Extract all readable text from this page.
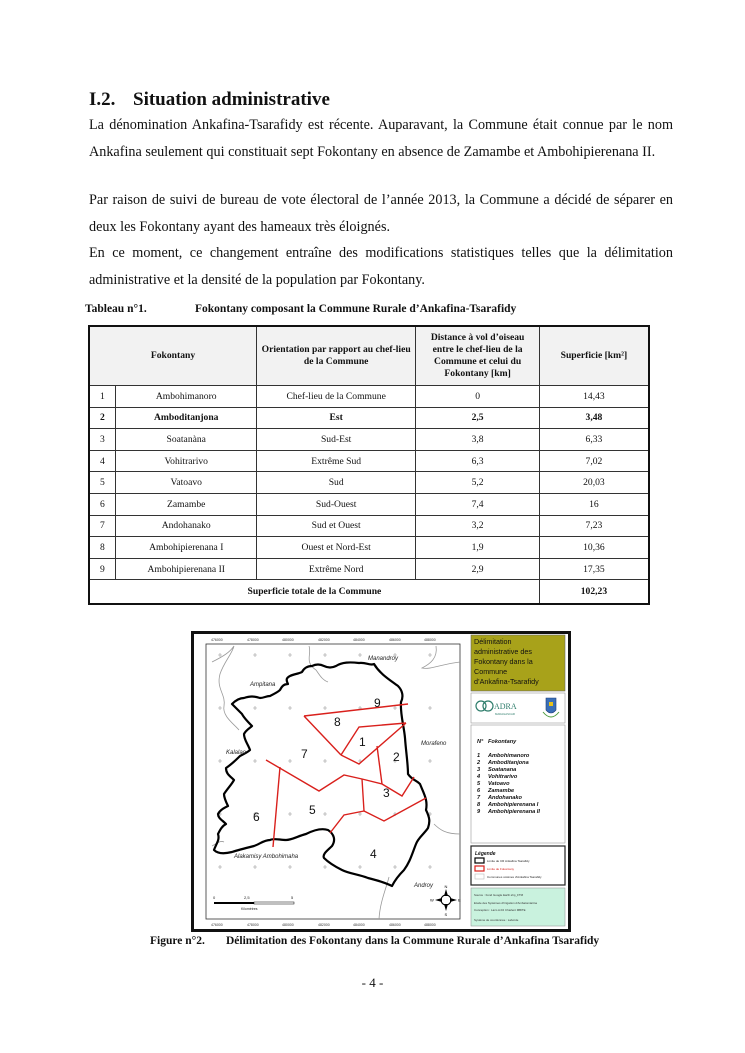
I.2. Situation administrative
La dénomination Ankafina-Tsarafidy est récente. Auparavant, la Commune était connue par le nom Ankafina seulement qui constituait sept Fokontany en absence de Zamambe et Ambohipierenana II.
Par raison de suivi de bureau de vote électoral de l’année 2013, la Commune a décidé de séparer en deux les Fokontany ayant des hameaux très éloignés.
En ce moment, ce changement entraîne des modifications statistiques telles que la délimitation administrative et la densité de la population par Fokontany.
Tableau n°1.	Fokontany composant la Commune Rurale d’Ankafina-Tsarafidy
Fokontany		Orientation par rapport au chef-lieu de la Commune	Distance à vol d’oiseau entre le chef-lieu de la Commune et celui du Fokontany [km]	Superficie [km²]
1	Ambohimanoro	Chef-lieu de la Commune	0	14,43
2	Amboditanjona	Est	2,5	3,48
3	Soatanàna	Sud-Est	3,8	6,33
4	Vohitrarivo	Extrême Sud	6,3	7,02
5	Vatoavo	Sud	5,2	20,03
6	Zamambe	Sud-Ouest	7,4	16
7	Andohanako	Sud et Ouest	3,2	7,23
8	Ambohipierenana I	Ouest et Nord-Est	1,9	10,36
9	Ambohipierenana II	Extrême Nord	2,9	17,35
Superficie totale de la Commune				102,23
476000	478000	480000	482000	484000	486000	488000
476000	478000	480000	482000	484000	486000	488000
9
8
1
2
7
3
5
6
4
Manandroy
Ampitana
Kalalao
Morafeno
Alakamisy Ambohimaha
Androy
0	2,5	5
Kilomètres
N
S
E
W
Délimitation
administrative des
Fokontany dans la
Commune
d’Ankafina-Tsarafidy
ADRA
MADAGASCAR
N° Fokontany
1 Ambohimanoro
2 Amboditanjona
3 Soatanana
4 Vohitrarivo
5 Vatoavo
6 Zamambe
7 Andohanako
8 Ambohipierenana I
9 Ambohipierenana II
Légende
Limite de CR Ankafina Tsarafidy
Limite de Fokontany
Communes voisines d'Ankafina Tsarafidy
Source : Fond Google Earth.shp_FTM
Etude des Systèmes d'irrigation d'Ambatomiarina
Conception : Lazo A.DJ Charlent MBITE
Système de coordonnée : Laborde
Figure n°2. Délimitation des Fokontany dans la Commune Rurale d’Ankafina Tsarafidy
- 4 -
